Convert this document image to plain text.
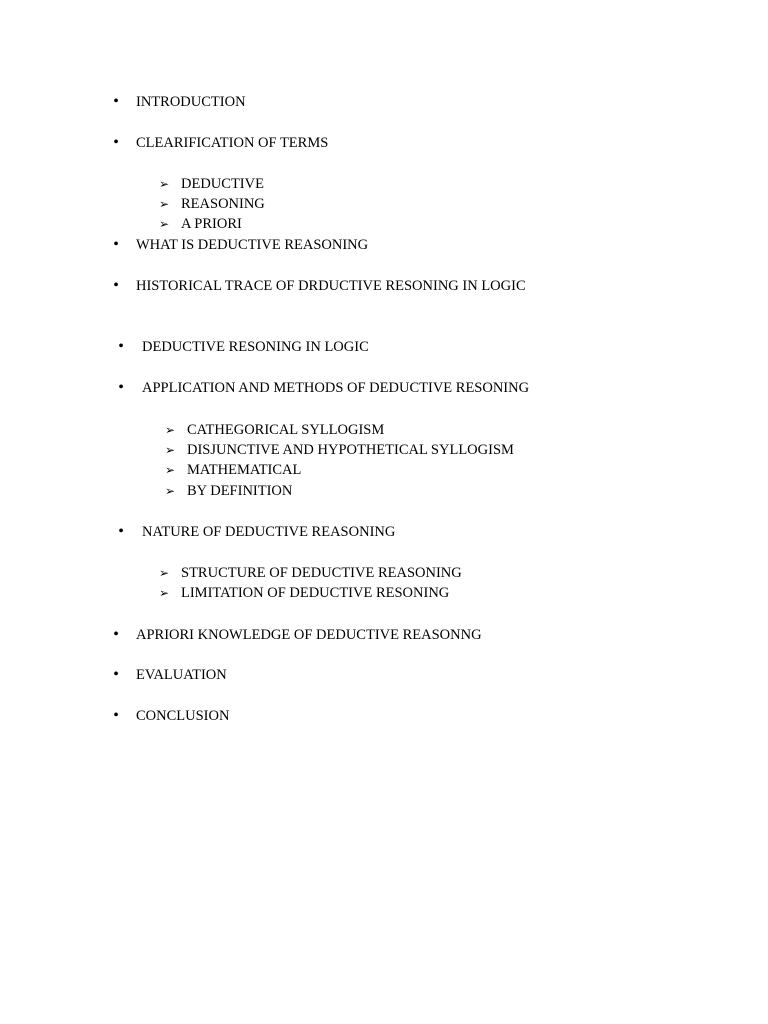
• INTRODUCTION
• CLEARIFICATION OF TERMS
➢ DEDUCTIVE
➢ REASONING
➢ A PRIORI
• WHAT IS DEDUCTIVE REASONING
• HISTORICAL TRACE OF DRDUCTIVE RESONING IN LOGIC
• DEDUCTIVE RESONING IN LOGIC
• APPLICATION AND METHODS OF DEDUCTIVE RESONING
➢ CATHEGORICAL SYLLOGISM
➢ DISJUNCTIVE AND HYPOTHETICAL SYLLOGISM
➢ MATHEMATICAL
➢ BY DEFINITION
• NATURE OF DEDUCTIVE REASONING
➢ STRUCTURE OF DEDUCTIVE REASONING
➢ LIMITATION OF DEDUCTIVE RESONING
• APRIORI KNOWLEDGE OF DEDUCTIVE REASONNG
• EVALUATION
• CONCLUSION
